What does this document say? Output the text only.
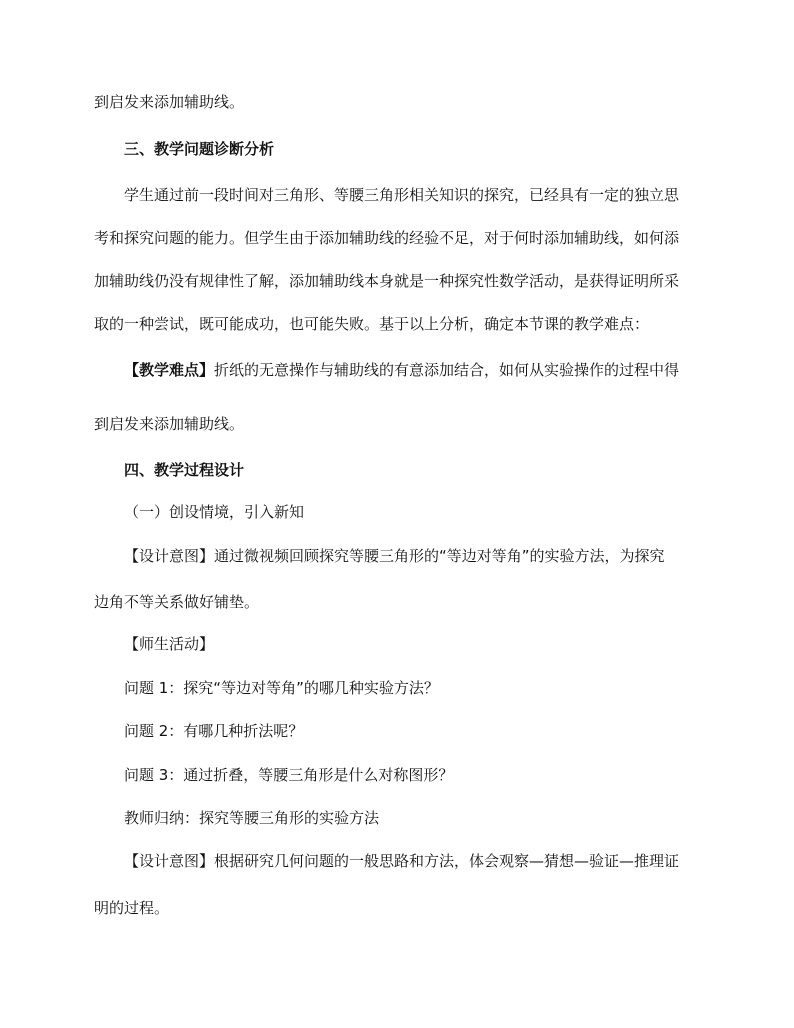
到启发来添加辅助线。
三、教学问题诊断分析
学生通过前一段时间对三角形、等腰三角形相关知识的探究，已经具有一定的独立思
考和探究问题的能力。但学生由于添加辅助线的经验不足，对于何时添加辅助线，如何添
加辅助线仍没有规律性了解，添加辅助线本身就是一种探究性数学活动，是获得证明所采
取的一种尝试，既可能成功，也可能失败。基于以上分析，确定本节课的教学难点：
【教学难点】折纸的无意操作与辅助线的有意添加结合，如何从实验操作的过程中得
到启发来添加辅助线。
四、教学过程设计
（一）创设情境，引入新知
【设计意图】通过微视频回顾探究等腰三角形的“等边对等角”的实验方法，为探究
边角不等关系做好铺垫。
【师生活动】
问题 1：探究“等边对等角”的哪几种实验方法？
问题 2：有哪几种折法呢？
问题 3：通过折叠，等腰三角形是什么对称图形？
教师归纳：探究等腰三角形的实验方法
【设计意图】根据研究几何问题的一般思路和方法，体会观察—猜想—验证—推理证
明的过程。
